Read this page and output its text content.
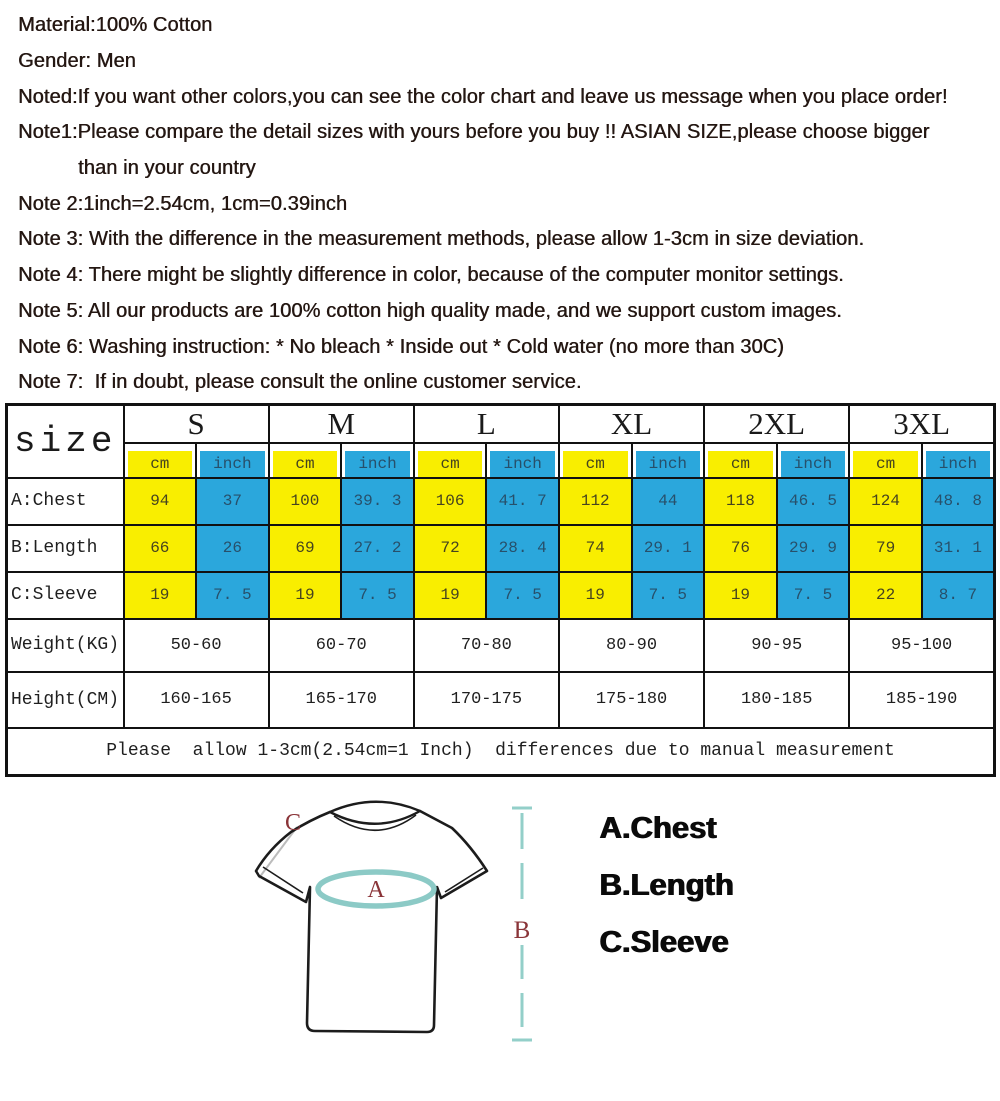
Material:100% Cotton
Gender: Men
Noted:If you want other colors,you can see the color chart and leave us message when you place order!
Note1:Please compare the detail sizes with yours before you buy !! ASIAN SIZE,please choose bigger
than in your country
Note 2:1inch=2.54cm, 1cm=0.39inch
Note 3: With the difference in the measurement methods, please allow 1-3cm in size deviation.
Note 4: There might be slightly difference in color, because of the computer monitor settings.
Note 5: All our products are 100% cotton high quality made, and we support custom images.
Note 6: Washing instruction: * No bleach * Inside out * Cold water (no more than 30C)
Note 7:  If in doubt, please consult the online customer service.
size	S		M		L		XL		2XL		3XL	

	cm	inch	cm	inch	cm	inch	cm	inch	cm	inch	cm	inch

A:Chest	94	37	100	39. 3	106	41. 7	112	44	118	46. 5	124	48. 8
B:Length	66	26	69	27. 2	72	28. 4	74	29. 1	76	29. 9	79	31. 1
C:Sleeve	19	7. 5	19	7. 5	19	7. 5	19	7. 5	19	7. 5	22	8. 7
Weight(KG)	50-60		60-70		70-80		80-90		90-95		95-100	
Height(CM)	160-165		165-170		170-175		175-180		180-185		185-190	
Please  allow 1-3cm(2.54cm=1 Inch)  differences due to manual measurement												
A
B
C	A.Chest
B.Length
C.Sleeve
